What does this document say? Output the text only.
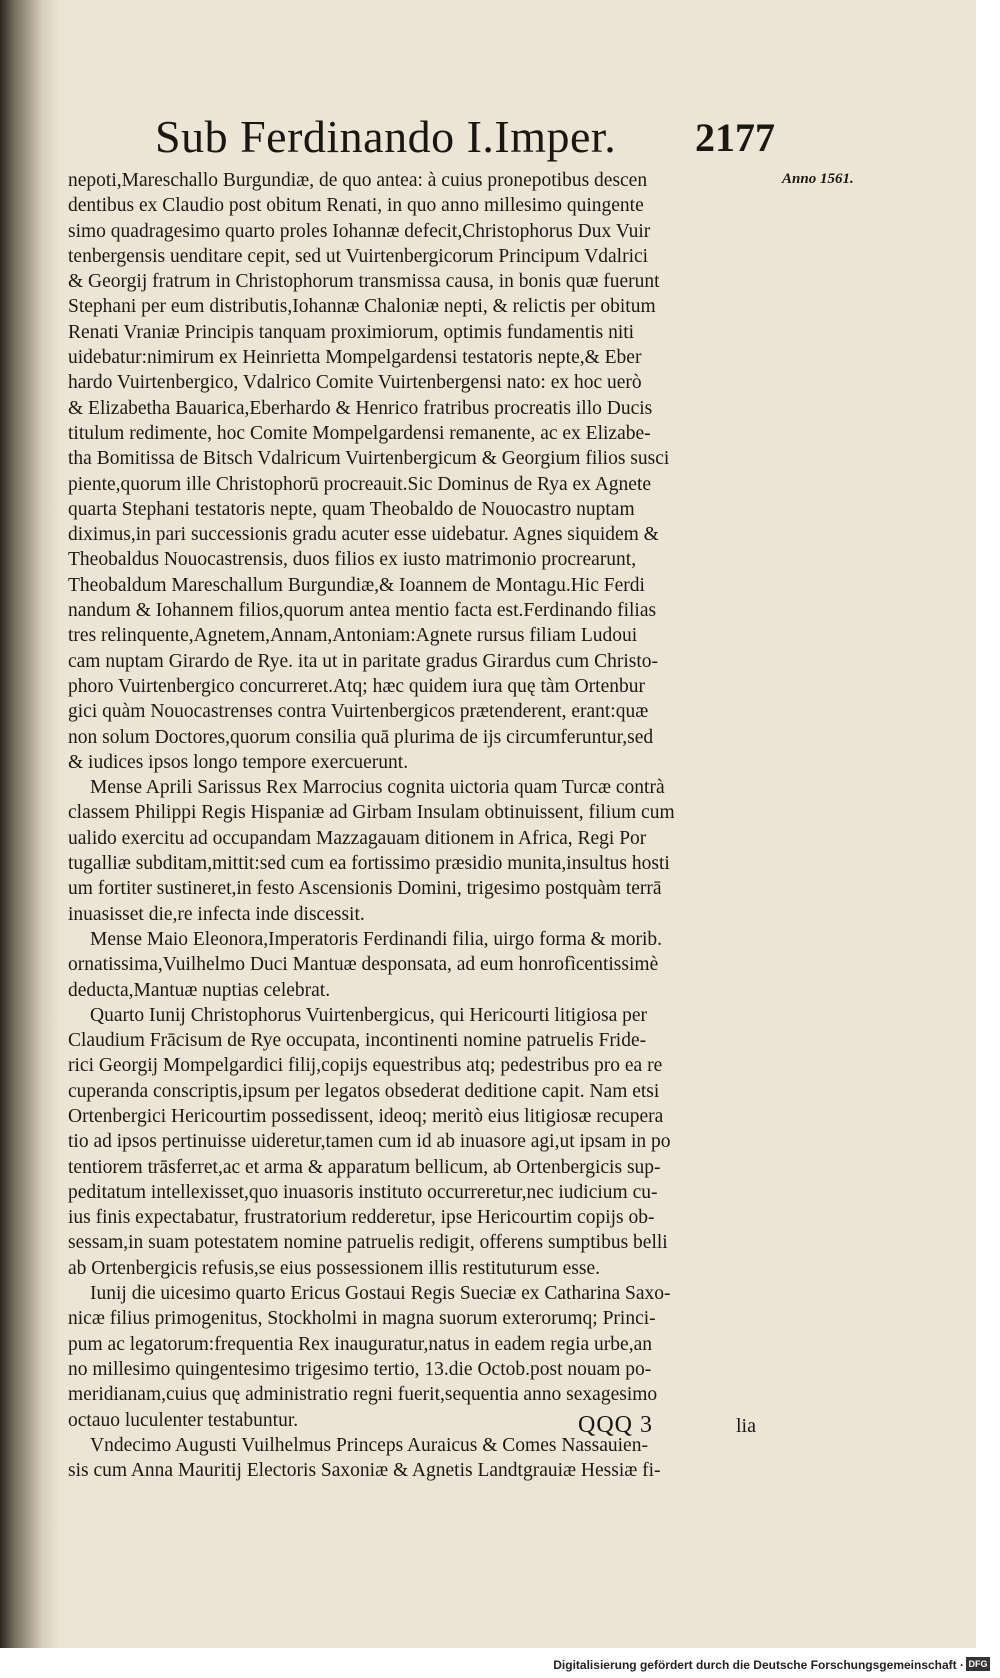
Sub Ferdinando I.Imper. 2177
Anno 1561.
nepoti,Mareschallo Burgundiæ, de quo antea: à cuius pronepotibus descen
dentibus ex Claudio post obitum Renati, in quo anno millesimo quingente
simo quadragesimo quarto proles Iohannæ defecit,Christophorus Dux Vuir
tenbergensis uenditare cepit, sed ut Vuirtenbergicorum Principum Vdalrici
& Georgij fratrum in Christophorum transmissa causa, in bonis quæ fuerunt
Stephani per eum distributis,Iohannæ Chaloniæ nepti, & relictis per obitum
Renati Vraniæ Principis tanquam proximiorum, optimis fundamentis niti
uidebatur:nimirum ex Heinrietta Mompelgardensi testatoris nepte,& Eber
hardo Vuirtenbergico, Vdalrico Comite Vuirtenbergensi nato: ex hoc uerò
& Elizabetha Bauarica,Eberhardo & Henrico fratribus procreatis illo Ducis
titulum redimente, hoc Comite Mompelgardensi remanente, ac ex Elizabe-
tha Bomitissa de Bitsch Vdalricum Vuirtenbergicum & Georgium filios susci
piente,quorum ille Christophorū procreauit.Sic Dominus de Rya ex Agnete
quarta Stephani testatoris nepte, quam Theobaldo de Nouocastro nuptam
diximus,in pari successionis gradu acuter esse uidebatur. Agnes siquidem &
Theobaldus Nouocastrensis, duos filios ex iusto matrimonio procrearunt,
Theobaldum Mareschallum Burgundiæ,& Ioannem de Montagu.Hic Ferdi
nandum & Iohannem filios,quorum antea mentio facta est.Ferdinando filias
tres relinquente,Agnetem,Annam,Antoniam:Agnete rursus filiam Ludoui
cam nuptam Girardo de Rye. ita ut in paritate gradus Girardus cum Christo-
phoro Vuirtenbergico concurreret.Atq; hæc quidem iura quę tàm Ortenbur
gici quàm Nouocastrenses contra Vuirtenbergicos prætenderent, erant:quæ
non solum Doctores,quorum consilia quā plurima de ijs circumferuntur,sed
& iudices ipsos longo tempore exercuerunt.
Mense Aprili Sarissus Rex Marrocius cognita uictoria quam Turcæ contrà
classem Philippi Regis Hispaniæ ad Girbam Insulam obtinuissent, filium cum
ualido exercitu ad occupandam Mazzagauam ditionem in Africa, Regi Por
tugalliæ subditam,mittit:sed cum ea fortissimo præsidio munita,insultus hosti
um fortiter sustineret,in festo Ascensionis Domini, trigesimo postquàm terrā
inuasisset die,re infecta inde discessit.
Mense Maio Eleonora,Imperatoris Ferdinandi filia, uirgo forma & morib.
ornatissima,Vuilhelmo Duci Mantuæ desponsata, ad eum honrofìcentissimè
deducta,Mantuæ nuptias celebrat.
Quarto Iunij Christophorus Vuirtenbergicus, qui Hericourti litigiosa per
Claudium Frācisum de Rye occupata, incontinenti nomine patruelis Fride-
rici Georgij Mompelgardici filij,copijs equestribus atq; pedestribus pro ea re
cuperanda conscriptis,ipsum per legatos obsederat deditione capit. Nam etsi
Ortenbergici Hericourtim possedissent, ideoq; meritò eius litigiosæ recupera
tio ad ipsos pertinuisse uideretur,tamen cum id ab inuasore agi,ut ipsam in po
tentiorem trāsferret,ac et arma & apparatum bellicum, ab Ortenbergicis sup-
peditatum intellexisset,quo inuasoris instituto occurreretur,nec iudicium cu-
ius finis expectabatur, frustratorium redderetur, ipse Hericourtim copijs ob-
sessam,in suam potestatem nomine patruelis redigit, offerens sumptibus belli
ab Ortenbergicis refusis,se eius possessionem illis restituturum esse.
Iunij die uicesimo quarto Ericus Gostaui Regis Sueciæ ex Catharina Saxo-
nicæ filius primogenitus, Stockholmi in magna suorum exterorumq; Princi-
pum ac legatorum:frequentia Rex inauguratur,natus in eadem regia urbe,an
no millesimo quingentesimo trigesimo tertio, 13.die Octob.post nouam po-
meridianam,cuius quę administratio regni fuerit,sequentia anno sexagesimo
octauo luculenter testabuntur.
Vndecimo Augusti Vuilhelmus Princeps Auraicus & Comes Nassauien-
sis cum Anna Mauritij Electoris Saxoniæ & Agnetis Landtgrauiæ Hessiæ fi-
QQQ 3	lia
Digitalisierung gefördert durch die Deutsche Forschungsgemeinschaft · DFG
